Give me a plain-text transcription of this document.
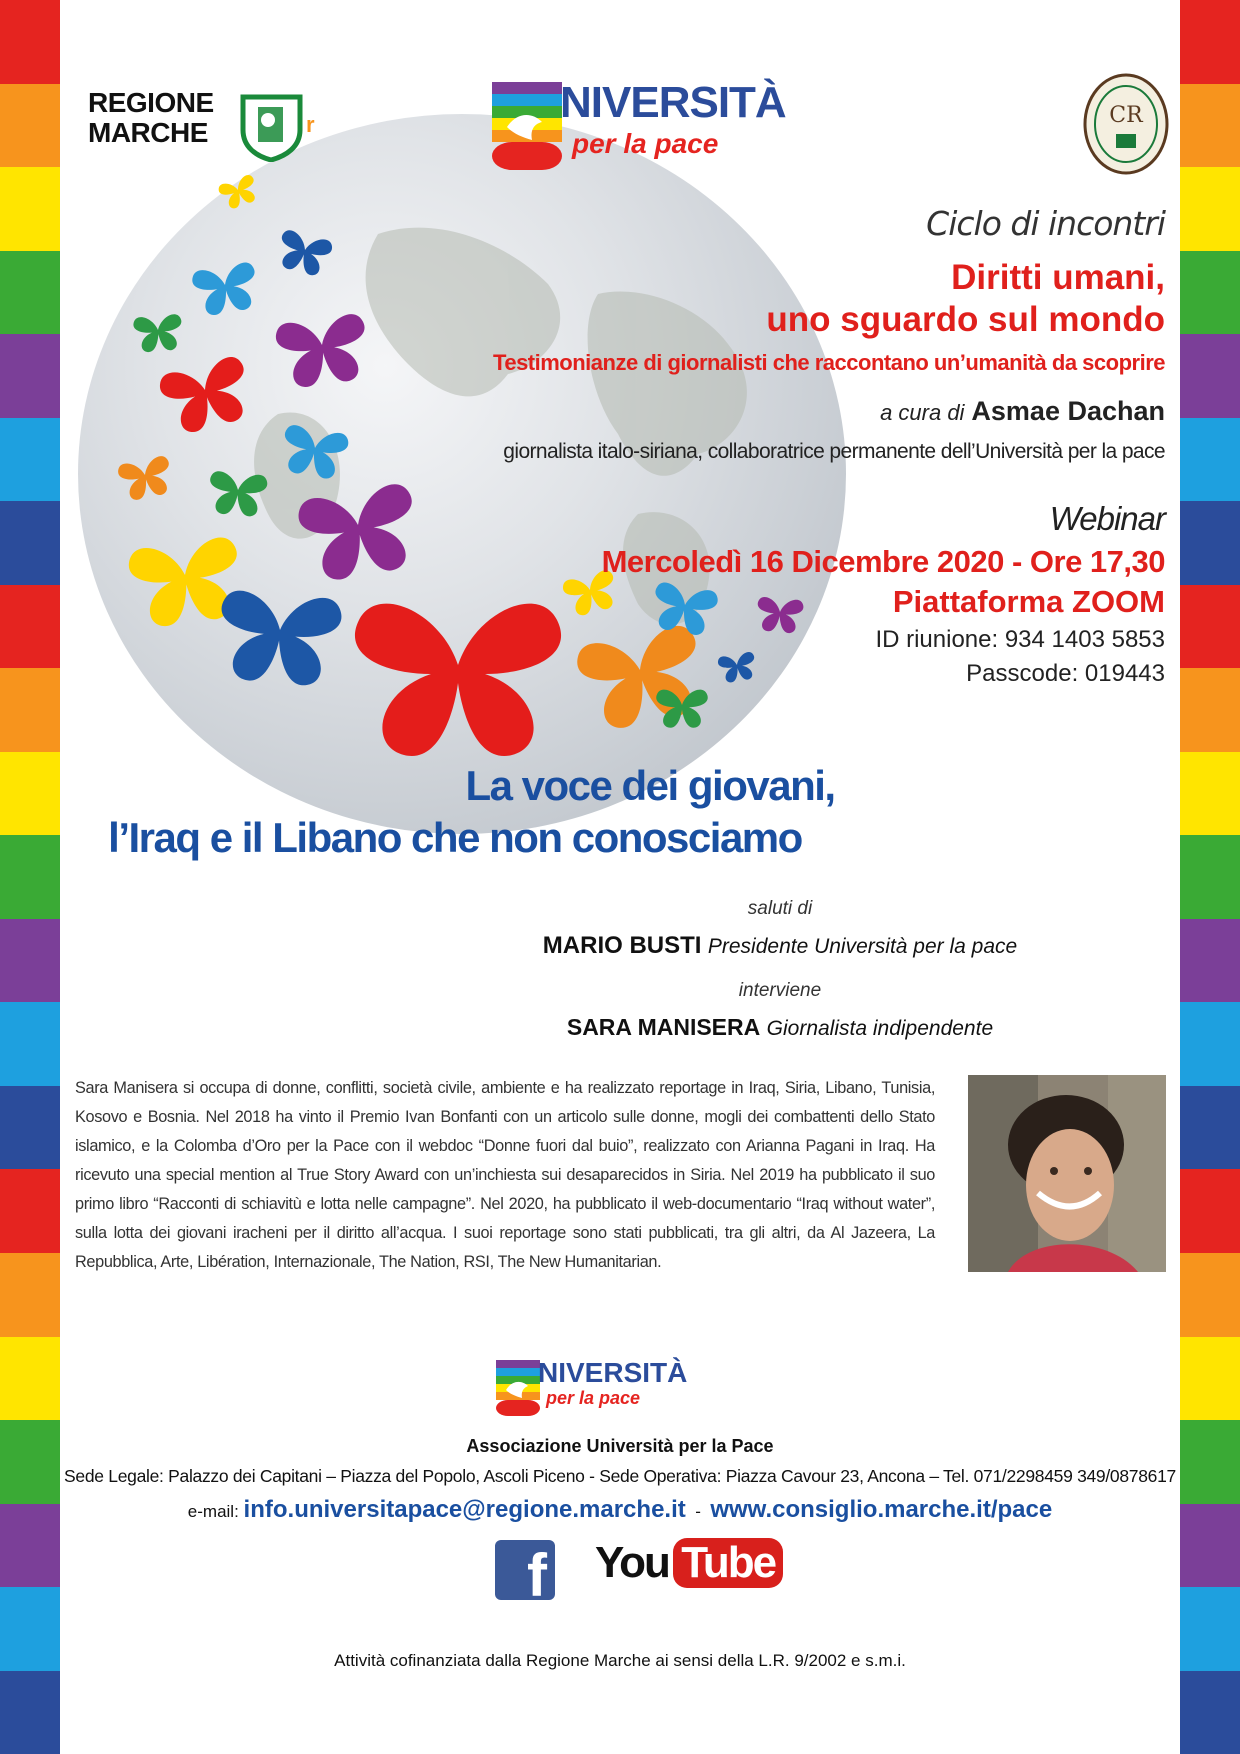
REGIONE
MARCHE	r	NIVERSITÀ
per la pace
CR
Ciclo di incontri
Diritti umani,
uno sguardo sul mondo
Testimonianze di giornalisti che raccontano un’umanità da scoprire
a cura di Asmae Dachan
giornalista italo-siriana, collaboratrice permanente dell’Università per la pace
Webinar
Mercoledì 16 Dicembre 2020 - Ore 17,30
Piattaforma ZOOM
ID riunione: 934 1403 5853
Passcode: 019443
La voce dei giovani,
l’Iraq e il Libano che non conosciamo
saluti di
MARIO BUSTI Presidente Università per la pace
interviene
SARA MANISERA Giornalista indipendente
Sara Manisera si occupa di donne, conflitti, società civile, ambiente e ha realizzato reportage in Iraq, Siria, Libano, Tunisia, Kosovo e Bosnia. Nel 2018 ha vinto il Premio Ivan Bonfanti con un articolo sulle donne, mogli dei combattenti dello Stato islamico, e la Colomba d’Oro per la Pace con il webdoc “Donne fuori dal buio”, realizzato con Arianna Pagani in Iraq. Ha ricevuto una special mention al True Story Award con un’inchiesta sui desaparecidos in Siria. Nel 2019 ha pubblicato il suo primo libro “Racconti di schiavitù e lotta nelle campagne”. Nel 2020, ha pubblicato il web-documentario “Iraq without water”, sulla lotta dei giovani iracheni per il diritto all’acqua. I suoi reportage sono stati pubblicati, tra gli altri, da Al Jazeera, La Repubblica, Arte, Libération, Internazionale, The Nation, RSI, The New Humanitarian.
NIVERSITÀ
per la pace
Associazione Università per la Pace
Sede Legale: Palazzo dei Capitani – Piazza del Popolo, Ascoli Piceno - Sede Operativa: Piazza Cavour 23, Ancona – Tel. 071/2298459 349/0878617
e-mail: info.universitapace@regione.marche.it - www.consiglio.marche.it/pace
f You Tube
Attività cofinanziata dalla Regione Marche ai sensi della L.R. 9/2002 e s.m.i.
